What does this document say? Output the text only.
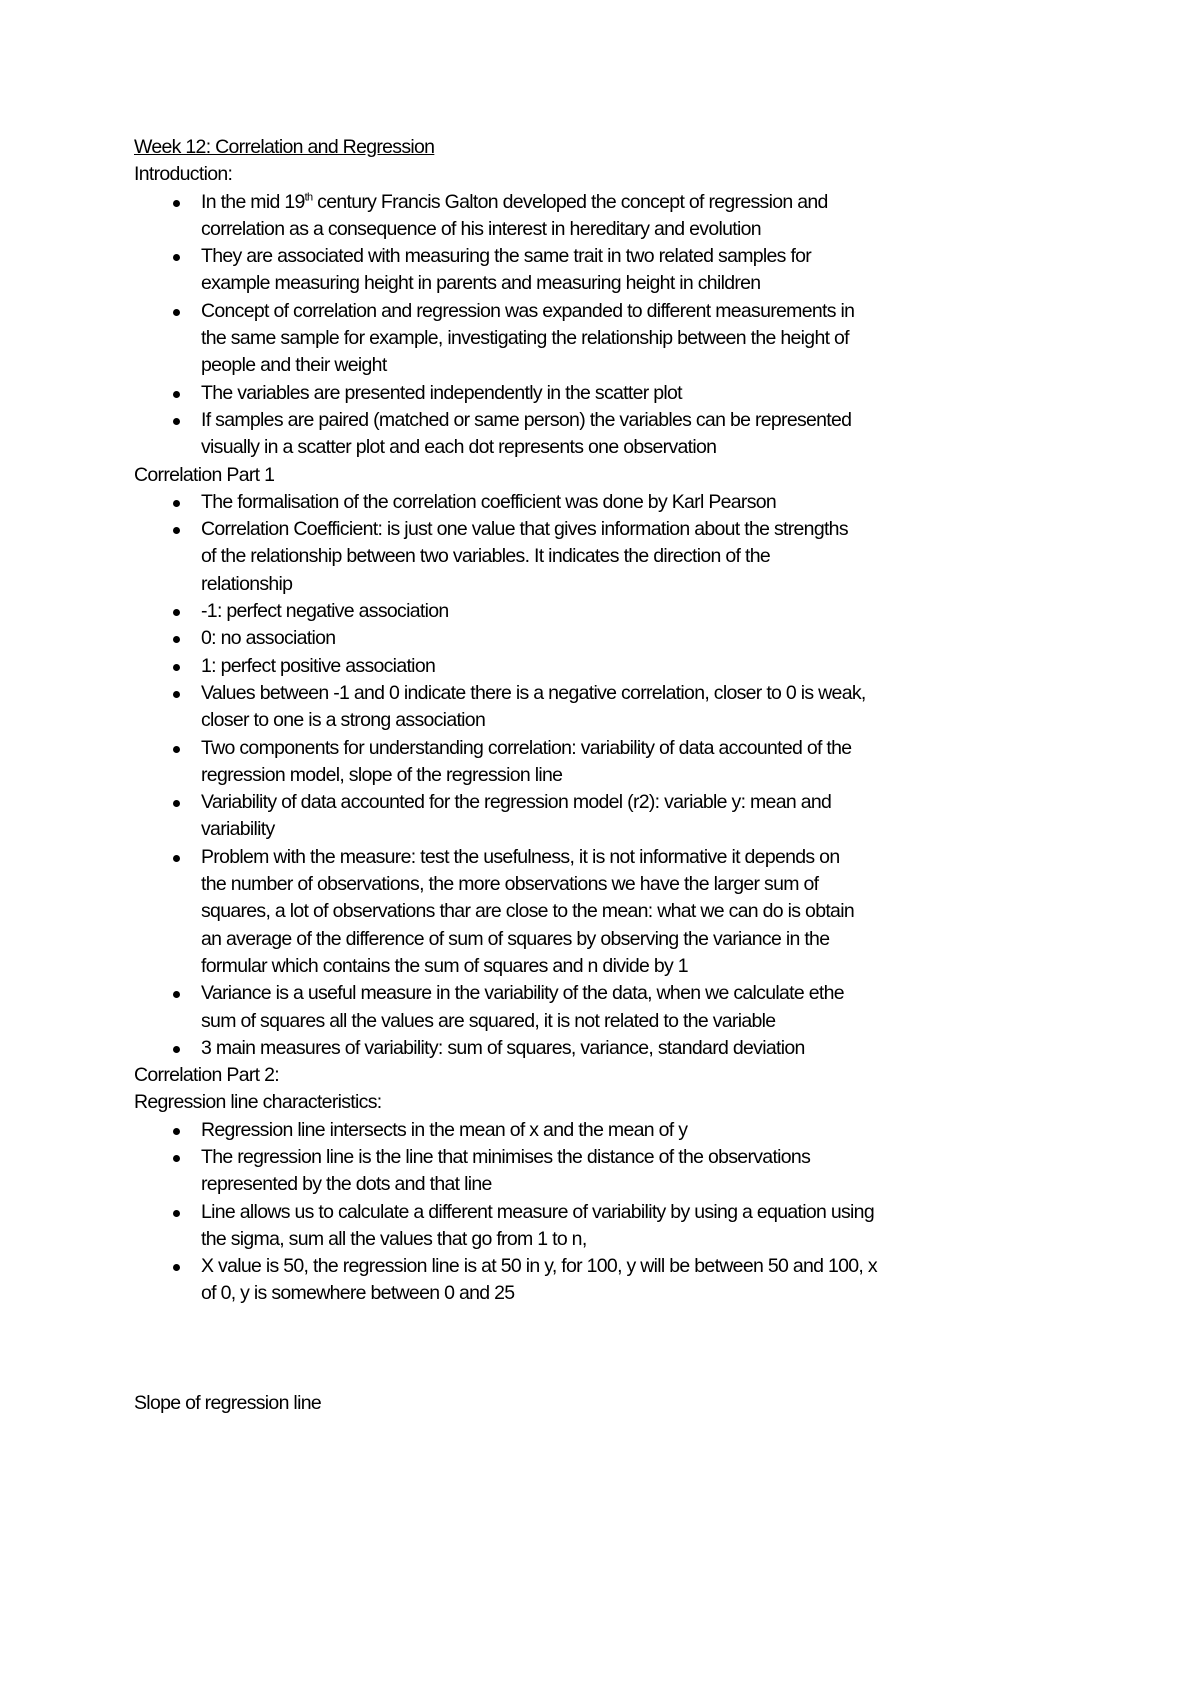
Week 12: Correlation and Regression
Introduction:
In the mid 19th century Francis Galton developed the concept of regression and
correlation as a consequence of his interest in hereditary and evolution
They are associated with measuring the same trait in two related samples for
example measuring height in parents and measuring height in children
Concept of correlation and regression was expanded to different measurements in
the same sample for example, investigating the relationship between the height of
people and their weight
The variables are presented independently in the scatter plot
If samples are paired (matched or same person) the variables can be represented
visually in a scatter plot and each dot represents one observation
Correlation Part 1
The formalisation of the correlation coefficient was done by Karl Pearson
Correlation Coefficient: is just one value that gives information about the strengths
of the relationship between two variables. It indicates the direction of the
relationship
-1: perfect negative association
0: no association
1: perfect positive association
Values between -1 and 0 indicate there is a negative correlation, closer to 0 is weak,
closer to one is a strong association
Two components for understanding correlation: variability of data accounted of the
regression model, slope of the regression line
Variability of data accounted for the regression model (r2): variable y: mean and
variability
Problem with the measure: test the usefulness, it is not informative it depends on
the number of observations, the more observations we have the larger sum of
squares, a lot of observations thar are close to the mean: what we can do is obtain
an average of the difference of sum of squares by observing the variance in the
formular which contains the sum of squares and n divide by 1
Variance is a useful measure in the variability of the data, when we calculate ethe
sum of squares all the values are squared, it is not related to the variable
3 main measures of variability: sum of squares, variance, standard deviation
Correlation Part 2:
Regression line characteristics:
Regression line intersects in the mean of x and the mean of y
The regression line is the line that minimises the distance of the observations
represented by the dots and that line
Line allows us to calculate a different measure of variability by using a equation using
the sigma, sum all the values that go from 1 to n,
X value is 50, the regression line is at 50 in y, for 100, y will be between 50 and 100, x
of 0, y is somewhere between 0 and 25
Slope of regression line
